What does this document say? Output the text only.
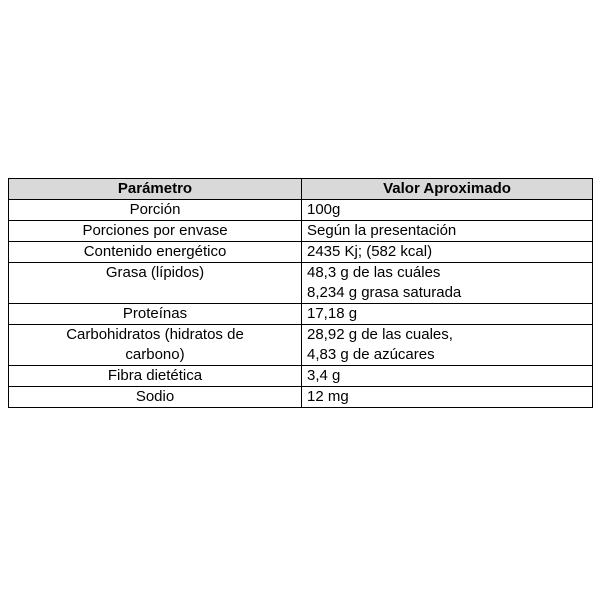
Parámetro	Valor Aproximado

Porción	100g

Porciones por envase	Según la presentación

Contenido energético	2435 Kj; (582 kcal)

Grasa (lípidos)	48,3 g de las cuáles
8,234 g grasa saturada

Proteínas	17,18 g

Carbohidratos (hidratos de
carbono)	28,92 g de las cuales,
4,83 g de azúcares

Fibra dietética	3,4 g

Sodio	12 mg
